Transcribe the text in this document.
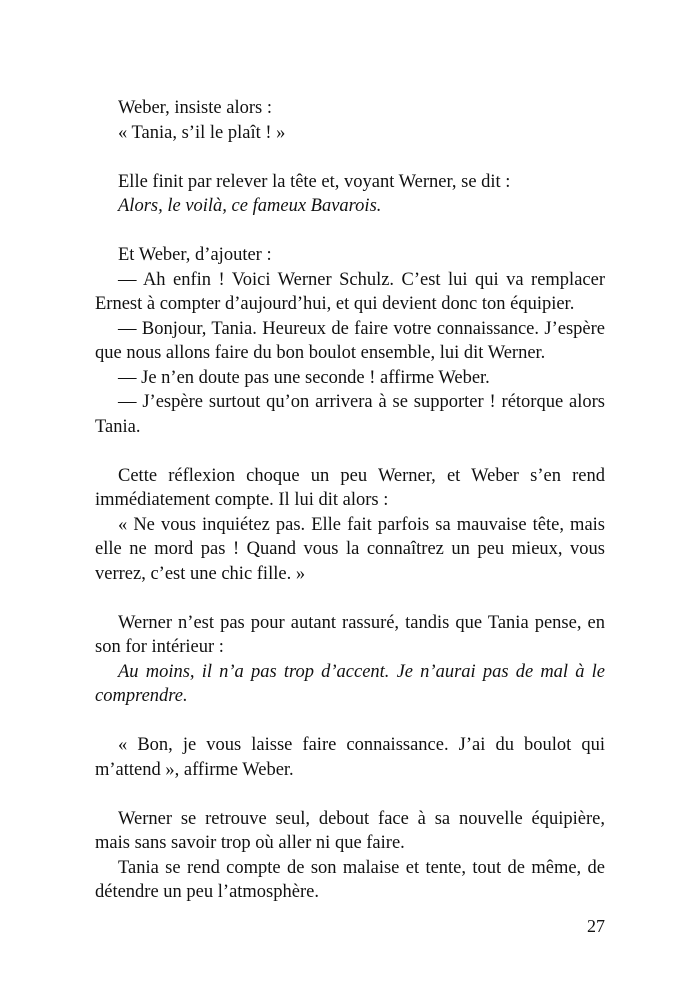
Weber, insiste alors :

« Tania, s’il le plaît ! »

Elle finit par relever la tête et, voyant Werner, se dit :

Alors, le voilà, ce fameux Bavarois.

Et Weber, d’ajouter :

— Ah enfin ! Voici Werner Schulz. C’est lui qui va remplacer Ernest à compter d’aujourd’hui, et qui devient donc ton équipier.

— Bonjour, Tania. Heureux de faire votre connaissance. J’espère que nous allons faire du bon boulot ensemble, lui dit Werner.

— Je n’en doute pas une seconde ! affirme Weber.

— J’espère surtout qu’on arrivera à se supporter ! rétorque alors Tania.

Cette réflexion choque un peu Werner, et Weber s’en rend immédiatement compte. Il lui dit alors :

« Ne vous inquiétez pas. Elle fait parfois sa mauvaise tête, mais elle ne mord pas ! Quand vous la connaîtrez un peu mieux, vous verrez, c’est une chic fille. »

Werner n’est pas pour autant rassuré, tandis que Tania pense, en son for intérieur :

Au moins, il n’a pas trop d’accent. Je n’aurai pas de mal à le comprendre.

« Bon, je vous laisse faire connaissance. J’ai du boulot qui m’attend », affirme Weber.

Werner se retrouve seul, debout face à sa nouvelle équipière, mais sans savoir trop où aller ni que faire.

Tania se rend compte de son malaise et tente, tout de même, de détendre un peu l’atmosphère.

27
